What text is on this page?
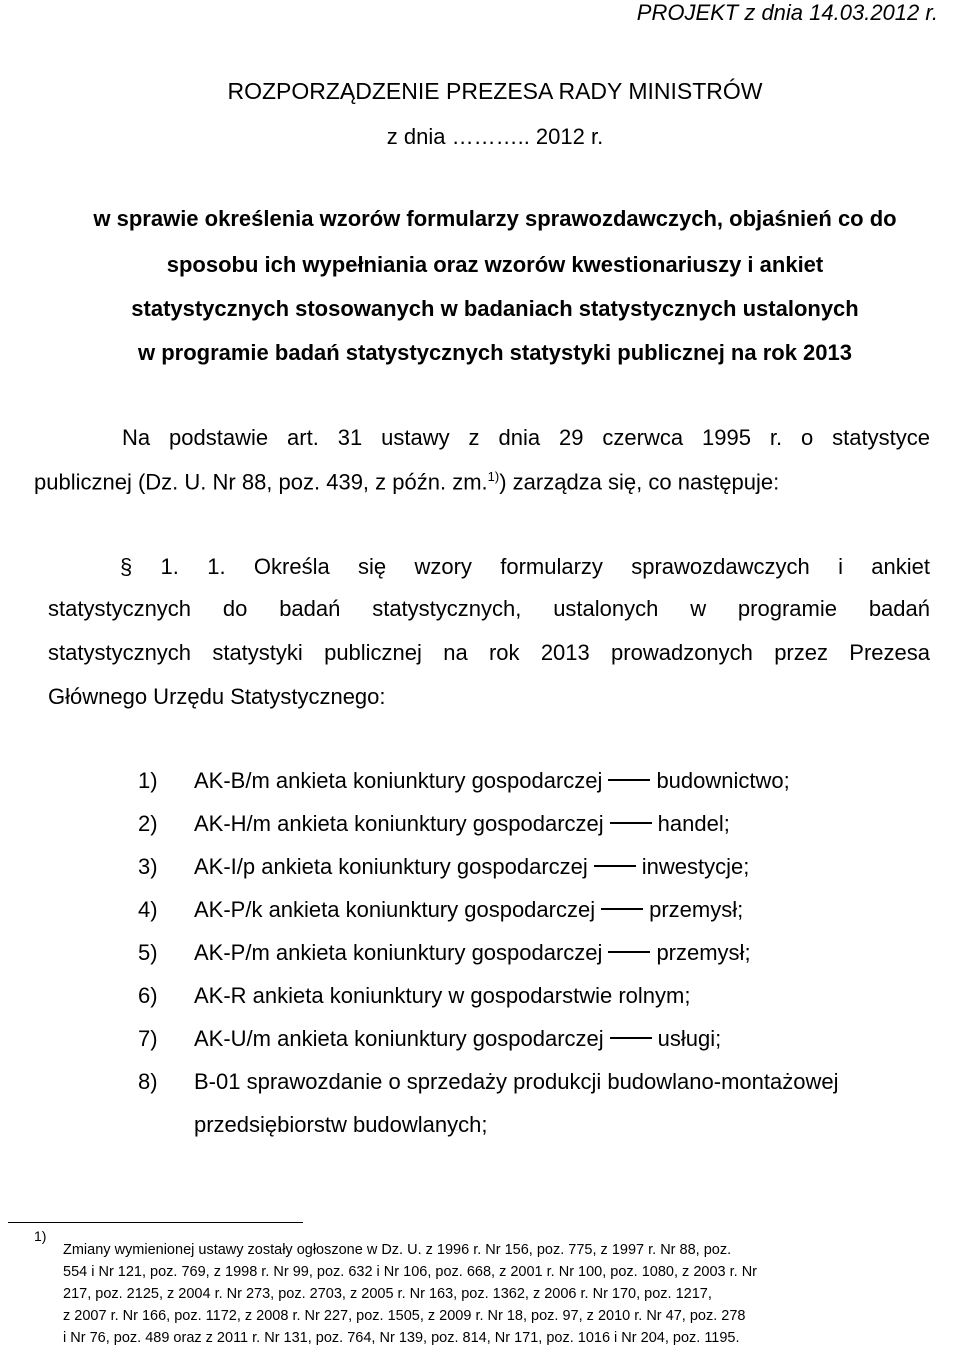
PROJEKT z dnia 14.03.2012 r.
ROZPORZĄDZENIE PREZESA RADY MINISTRÓW
z dnia ……….. 2012 r.
w sprawie określenia wzorów formularzy sprawozdawczych, objaśnień co do
sposobu ich wypełniania oraz wzorów kwestionariuszy i ankiet
statystycznych stosowanych w badaniach statystycznych ustalonych
w programie badań statystycznych statystyki publicznej na rok 2013
Na podstawie art. 31 ustawy z dnia 29 czerwca 1995 r. o statystyce
publicznej (Dz. U. Nr 88, poz. 439, z późn. zm.$^{1)}$) zarządza się, co następuje:
§ 1. 1. Określa się wzory formularzy sprawozdawczych i ankiet
statystycznych do badań statystycznych, ustalonych w programie badań
statystycznych statystyki publicznej na rok 2013 prowadzonych przez Prezesa
Głównego Urzędu Statystycznego:
1) AK-B/m ankieta koniunktury gospodarczej budownictwo;
2) AK-H/m ankieta koniunktury gospodarczej handel;
3) AK-I/p ankieta koniunktury gospodarczej inwestycje;
4) AK-P/k ankieta koniunktury gospodarczej przemysł;
5) AK-P/m ankieta koniunktury gospodarczej przemysł;
6) AK-R ankieta koniunktury w gospodarstwie rolnym;
7) AK-U/m ankieta koniunktury gospodarczej usługi;
8) B-01 sprawozdanie o sprzedaży produkcji budowlano-montażowej
przedsiębiorstw budowlanych;
1)
Zmiany wymienionej ustawy zostały ogłoszone w Dz. U. z 1996 r. Nr 156, poz. 775, z 1997 r. Nr 88, poz.
554 i Nr 121, poz. 769, z 1998 r. Nr 99, poz. 632 i Nr 106, poz. 668, z 2001 r. Nr 100, poz. 1080, z 2003 r. Nr
217, poz. 2125, z 2004 r. Nr 273, poz. 2703, z 2005 r. Nr 163, poz. 1362, z 2006 r. Nr 170, poz. 1217,
z 2007 r. Nr 166, poz. 1172, z 2008 r. Nr 227, poz. 1505, z 2009 r. Nr 18, poz. 97, z 2010 r. Nr 47, poz. 278
i Nr 76, poz. 489 oraz z 2011 r. Nr 131, poz. 764, Nr 139, poz. 814, Nr 171, poz. 1016 i Nr 204, poz. 1195.
